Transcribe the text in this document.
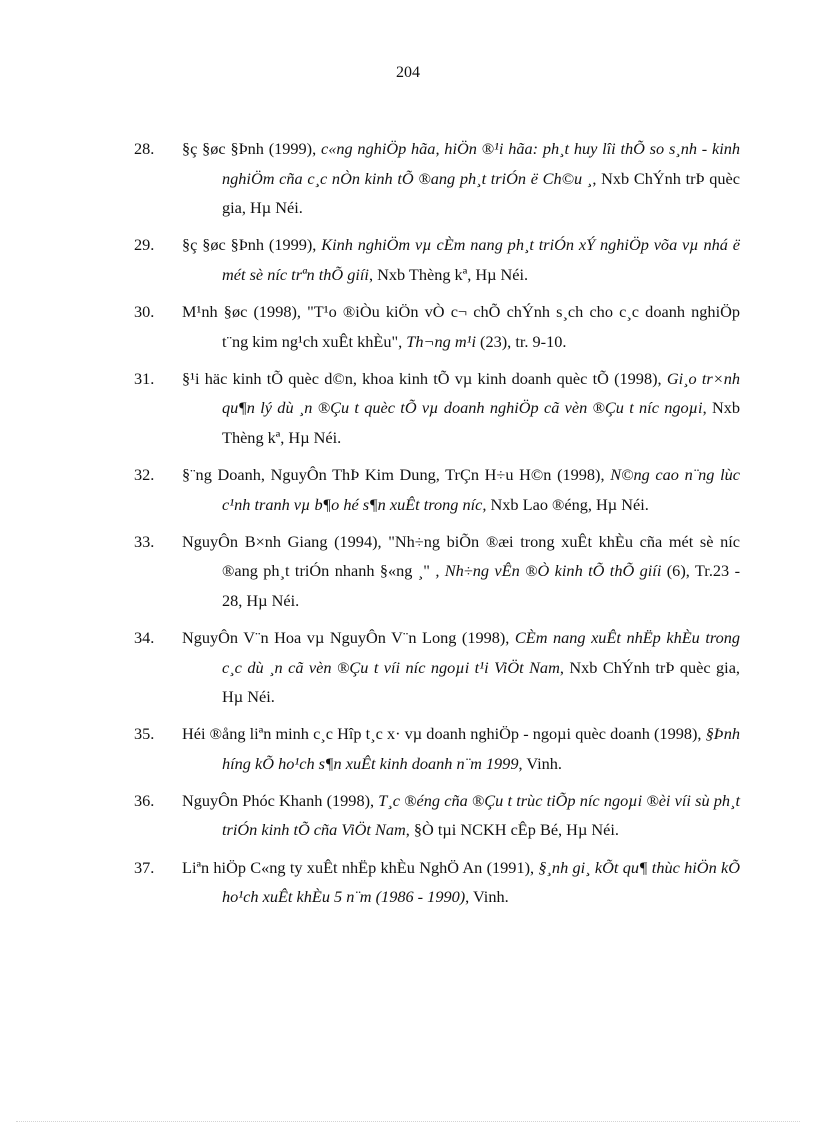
204
28.	§ç §øc §Þnh (1999), c«ng nghiÖp hãa, hiÖn ®¹i hãa: ph¸t huy lîi thÕ so s¸nh - kinh nghiÖm cña c¸c nÒn kinh tÕ ®ang ph¸t triÓn ë Ch©u ¸, Nxb ChÝnh trÞ quèc gia, Hµ Néi.
29.	§ç §øc §Þnh (1999), Kinh nghiÖm vµ cÈm nang ph¸t triÓn xÝ nghiÖp võa vµ nhá ë mét sè níc trªn thÕ giíi, Nxb Thèng kª, Hµ Néi.
30.	M¹nh §øc (1998), "T¹o ®iÒu kiÖn vÒ c¬ chÕ chÝnh s¸ch cho c¸c doanh nghiÖp t¨ng kim ng¹ch xuÊt khÈu", Th¬ng m¹i (23), tr. 9-10.
31.	§¹i häc kinh tÕ quèc d©n, khoa kinh tÕ vµ kinh doanh quèc tÕ (1998), Gi¸o tr×nh qu¶n lý dù ¸n ®Çu t quèc tÕ vµ doanh nghiÖp cã vèn ®Çu t níc ngoµi, Nxb Thèng kª, Hµ Néi.
32.	§¨ng Doanh, NguyÔn ThÞ Kim Dung, TrÇn H÷u H©n (1998), N©ng cao n¨ng lùc c¹nh tranh vµ b¶o hé s¶n xuÊt trong níc, Nxb Lao ®éng, Hµ Néi.
33.	NguyÔn B×nh Giang (1994), "Nh÷ng biÕn ®æi trong xuÊt khÈu cña mét sè níc ®ang ph¸t triÓn nhanh §«ng ¸" , Nh÷ng vÊn ®Ò kinh tÕ thÕ giíi (6), Tr.23 - 28, Hµ Néi.
34.	NguyÔn V¨n Hoa vµ NguyÔn V¨n Long (1998), CÈm nang xuÊt nhËp khÈu trong c¸c dù ¸n cã vèn ®Çu t víi níc ngoµi t¹i ViÖt Nam, Nxb ChÝnh trÞ quèc gia, Hµ Néi.
35.	Héi ®ång liªn minh c¸c Hîp t¸c x· vµ doanh nghiÖp - ngoµi quèc doanh (1998), §Þnh híng kÕ ho¹ch s¶n xuÊt kinh doanh n¨m 1999, Vinh.
36.	NguyÔn Phóc Khanh (1998), T¸c ®éng cña ®Çu t trùc tiÕp níc ngoµi ®èi víi sù ph¸t triÓn kinh tÕ cña ViÖt Nam, §Ò tµi NCKH cÊp Bé, Hµ Néi.
37.	Liªn hiÖp C«ng ty xuÊt nhËp khÈu NghÖ An (1991), §¸nh gi¸ kÕt qu¶ thùc hiÖn kÕ ho¹ch xuÊt khÈu 5 n¨m (1986 - 1990), Vinh.
